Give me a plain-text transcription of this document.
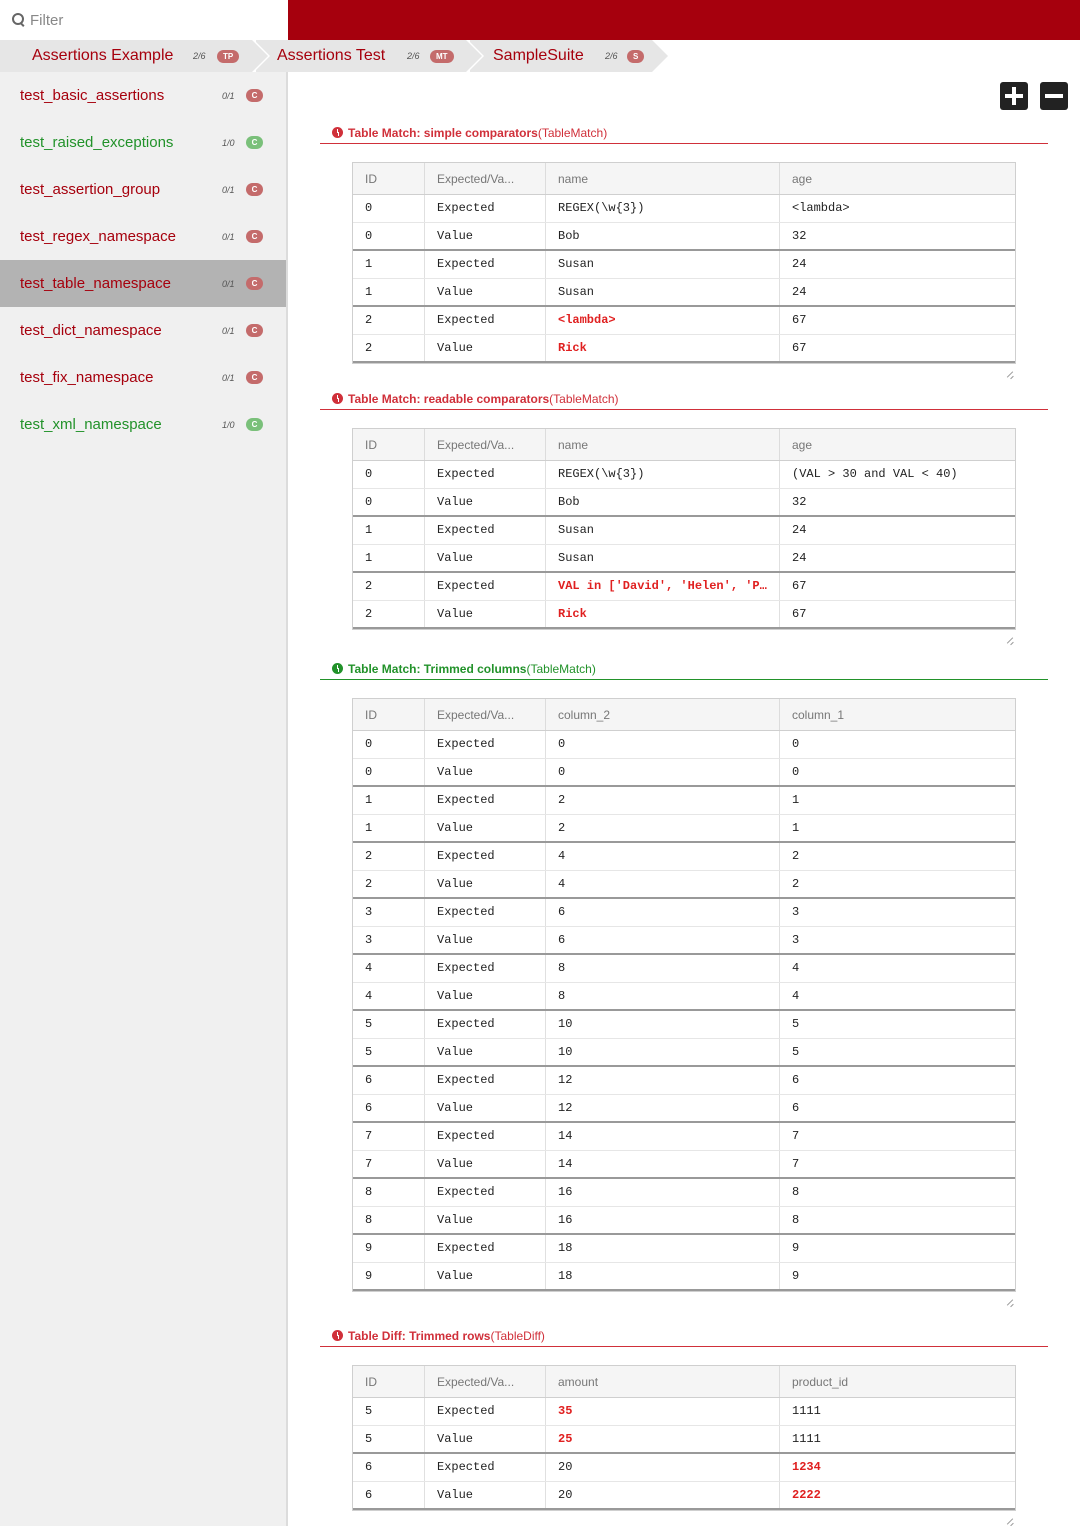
Filter
Assertions Example 2/6	TP	Assertions Test 2/6	MT	SampleSuite 2/6	S
test_basic_assertions	0/1	C
test_raised_exceptions	1/0	C
test_assertion_group	0/1	C
test_regex_namespace	0/1	C
test_table_namespace	0/1	C
test_dict_namespace	0/1	C
test_fix_namespace	0/1	C
test_xml_namespace	1/0	C
Table Match: simple comparators (TableMatch)
ID	Expected/Va...	name	age
0	Expected	REGEX(\w{3})	<lambda>
0	Value	Bob	32
1	Expected	Susan	24
1	Value	Susan	24
2	Expected	<lambda>	67
2	Value	Rick	67
Table Match: readable comparators (TableMatch)
ID	Expected/Va...	name	age
0	Expected	REGEX(\w{3})	(VAL > 30 and VAL < 40)
0	Value	Bob	32
1	Expected	Susan	24
1	Value	Susan	24
2	Expected	VAL in ['David', 'Helen', 'P…	67
2	Value	Rick	67
Table Match: Trimmed columns (TableMatch)
ID	Expected/Va...	column_2	column_1
0	Expected	0	0
0	Value	0	0
1	Expected	2	1
1	Value	2	1
2	Expected	4	2
2	Value	4	2
3	Expected	6	3
3	Value	6	3
4	Expected	8	4
4	Value	8	4
5	Expected	10	5
5	Value	10	5
6	Expected	12	6
6	Value	12	6
7	Expected	14	7
7	Value	14	7
8	Expected	16	8
8	Value	16	8
9	Expected	18	9
9	Value	18	9
Table Diff: Trimmed rows (TableDiff)
ID	Expected/Va...	amount	product_id
5	Expected	35	1111
5	Value	25	1111
6	Expected	20	1234
6	Value	20	2222
